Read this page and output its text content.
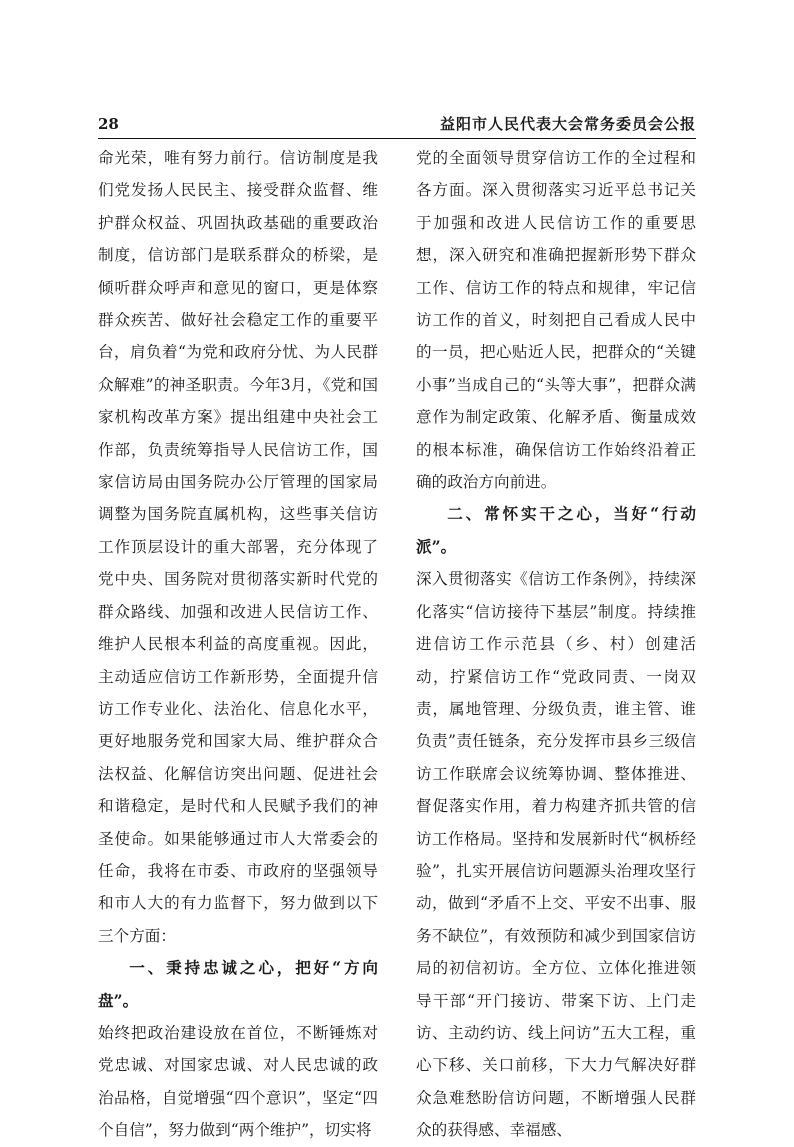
28	益阳市人民代表大会常务委员会公报

命光荣，唯有努力前行。信访制度是我们党发扬人民民主、接受群众监督、维护群众权益、巩固执政基础的重要政治制度，信访部门是联系群众的桥梁，是倾听群众呼声和意见的窗口，更是体察群众疾苦、做好社会稳定工作的重要平台，肩负着“为党和政府分忧、为人民群众解难”的神圣职责。今年3月，《党和国家机构改革方案》提出组建中央社会工作部，负责统筹指导人民信访工作，国家信访局由国务院办公厅管理的国家局调整为国务院直属机构，这些事关信访工作顶层设计的重大部署，充分体现了党中央、国务院对贯彻落实新时代党的群众路线、加强和改进人民信访工作、维护人民根本利益的高度重视。因此，主动适应信访工作新形势，全面提升信访工作专业化、法治化、信息化水平，更好地服务党和国家大局、维护群众合法权益、化解信访突出问题、促进社会和谐稳定，是时代和人民赋予我们的神圣使命。如果能够通过市人大常委会的任命，我将在市委、市政府的坚强领导和市人大的有力监督下，努力做到以下三个方面：

一、秉持忠诚之心，把好“方向盘”。

始终把政治建设放在首位，不断锤炼对党忠诚、对国家忠诚、对人民忠诚的政治品格，自觉增强“四个意识”，坚定“四个自信”，努力做到“两个维护”，切实将

党的全面领导贯穿信访工作的全过程和各方面。深入贯彻落实习近平总书记关于加强和改进人民信访工作的重要思想，深入研究和准确把握新形势下群众工作、信访工作的特点和规律，牢记信访工作的首义，时刻把自己看成人民中的一员，把心贴近人民，把群众的“关键小事”当成自己的“头等大事”，把群众满意作为制定政策、化解矛盾、衡量成效的根本标准，确保信访工作始终沿着正确的政治方向前进。

二、常怀实干之心，当好“行动派”。

深入贯彻落实《信访工作条例》，持续深化落实“信访接待下基层”制度。持续推进信访工作示范县（乡、村）创建活动，拧紧信访工作“党政同责、一岗双责，属地管理、分级负责，谁主管、谁负责”责任链条，充分发挥市县乡三级信访工作联席会议统筹协调、整体推进、督促落实作用，着力构建齐抓共管的信访工作格局。坚持和发展新时代“枫桥经验”，扎实开展信访问题源头治理攻坚行动，做到“矛盾不上交、平安不出事、服务不缺位”，有效预防和减少到国家信访局的初信初访。全方位、立体化推进领导干部“开门接访、带案下访、上门走访、主动约访、线上问访”五大工程，重心下移、关口前移，下大力气解决好群众急难愁盼信访问题，不断增强人民群众的获得感、幸福感、
